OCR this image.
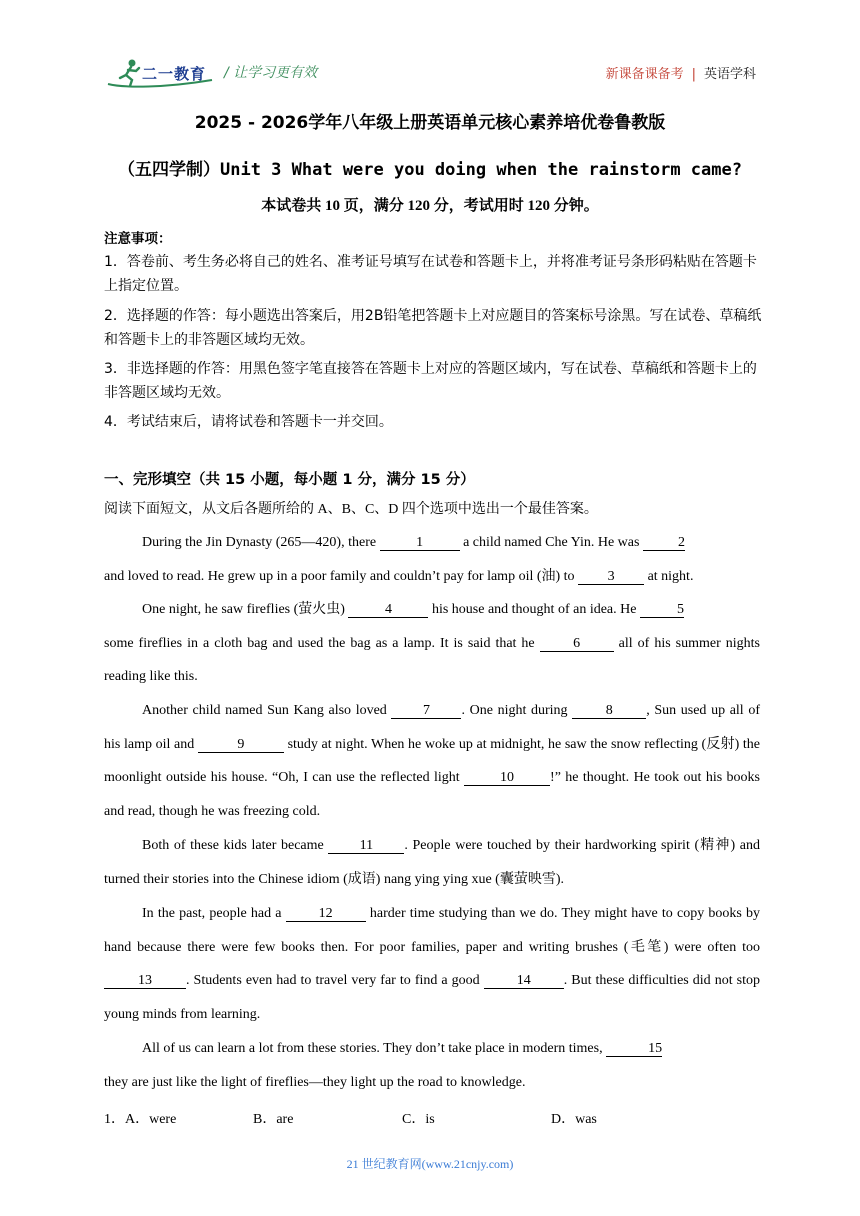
二一教育 / 让学习更有效	新课备课备考 | 英语学科
2025 - 2026学年八年级上册英语单元核心素养培优卷鲁教版
（五四学制）Unit 3 What were you doing when the rainstorm came?
本试卷共 10 页，满分 120 分，考试用时 120 分钟。
注意事项：
1．答卷前、考生务必将自己的姓名、准考证号填写在试卷和答题卡上，并将准考证号条形码粘贴在答题卡上指定位置。
2．选择题的作答：每小题选出答案后，用2B铅笔把答题卡上对应题目的答案标号涂黑。写在试卷、草稿纸和答题卡上的非答题区域均无效。
3．非选择题的作答：用黑色签字笔直接答在答题卡上对应的答题区域内，写在试卷、草稿纸和答题卡上的非答题区域均无效。
4．考试结束后，请将试卷和答题卡一并交回。
一、完形填空（共 15 小题，每小题 1 分，满分 15 分）
阅读下面短文，从文后各题所给的 A、B、C、D 四个选项中选出一个最佳答案。
During the Jin Dynasty (265—420), there	1	a child named Che Yin. He was	2
and loved to read. He grew up in a poor family and couldn’t pay for lamp oil (油) to 3 at night.
One night, he saw fireflies (萤火虫)	4	his house and thought of an idea. He	5
some fireflies in a cloth bag and used the bag as a lamp. It is said that he 6 all of his summer nights reading like this.
Another child named Sun Kang also loved 7 . One night during 8 , Sun used up all of his lamp oil and	9	study at night. When he woke up at midnight, he saw the snow reflecting (反射) the moonlight outside his house. “Oh, I can use the reflected light	10	!” he thought. He took out his books and read, though he was freezing cold.
Both of these kids later became 11 . People were touched by their hardworking spirit (精神) and turned their stories into the Chinese idiom (成语) nang ying ying xue (囊萤映雪).
In the past, people had a 12 harder time studying than we do. They might have to copy books by hand because there were few books then. For poor families, paper and writing brushes (毛笔) were often too 13 . Students even had to travel very far to find a good 14 . But these difficulties did not stop young minds from learning.
All of us can learn a lot from these stories. They don’t take place in modern times,	15
they are just like the light of fireflies—they light up the road to knowledge.
1．A．were	B．are	C．is	D．was
21 世纪教育网(www.21cnjy.com)
